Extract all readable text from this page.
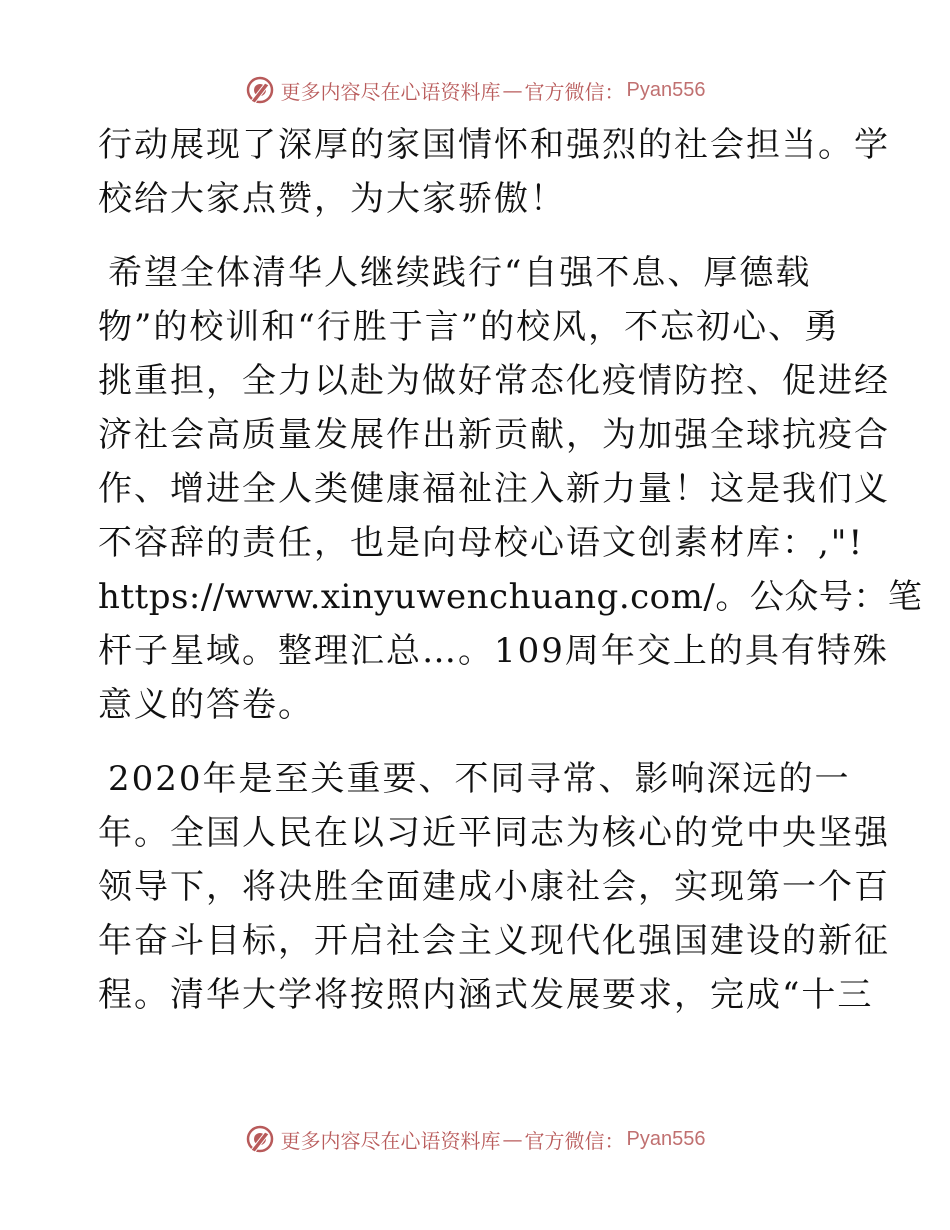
更多内容尽在心语资料库 — 官方微信： Pyan556
行动展现了深厚的家国情怀和强烈的社会担当。学
校给大家点赞，为大家骄傲！
希望全体清华人继续践行“自强不息、厚德载
物”的校训和“行胜于言”的校风，不忘初心、勇
挑重担，全力以赴为做好常态化疫情防控、促进经
济社会高质量发展作出新贡献，为加强全球抗疫合
作、增进全人类健康福祉注入新力量！这是我们义
不容辞的责任，也是向母校心语文创素材库：,"!
https://www.xinyuwenchuang.com/。公众号：笔
杆子星域。整理汇总…。109周年交上的具有特殊
意义的答卷。
2020年是至关重要、不同寻常、影响深远的一
年。全国人民在以习近平同志为核心的党中央坚强
领导下，将决胜全面建成小康社会，实现第一个百
年奋斗目标，开启社会主义现代化强国建设的新征
程。清华大学将按照内涵式发展要求，完成“十三
更多内容尽在心语资料库 — 官方微信： Pyan556
